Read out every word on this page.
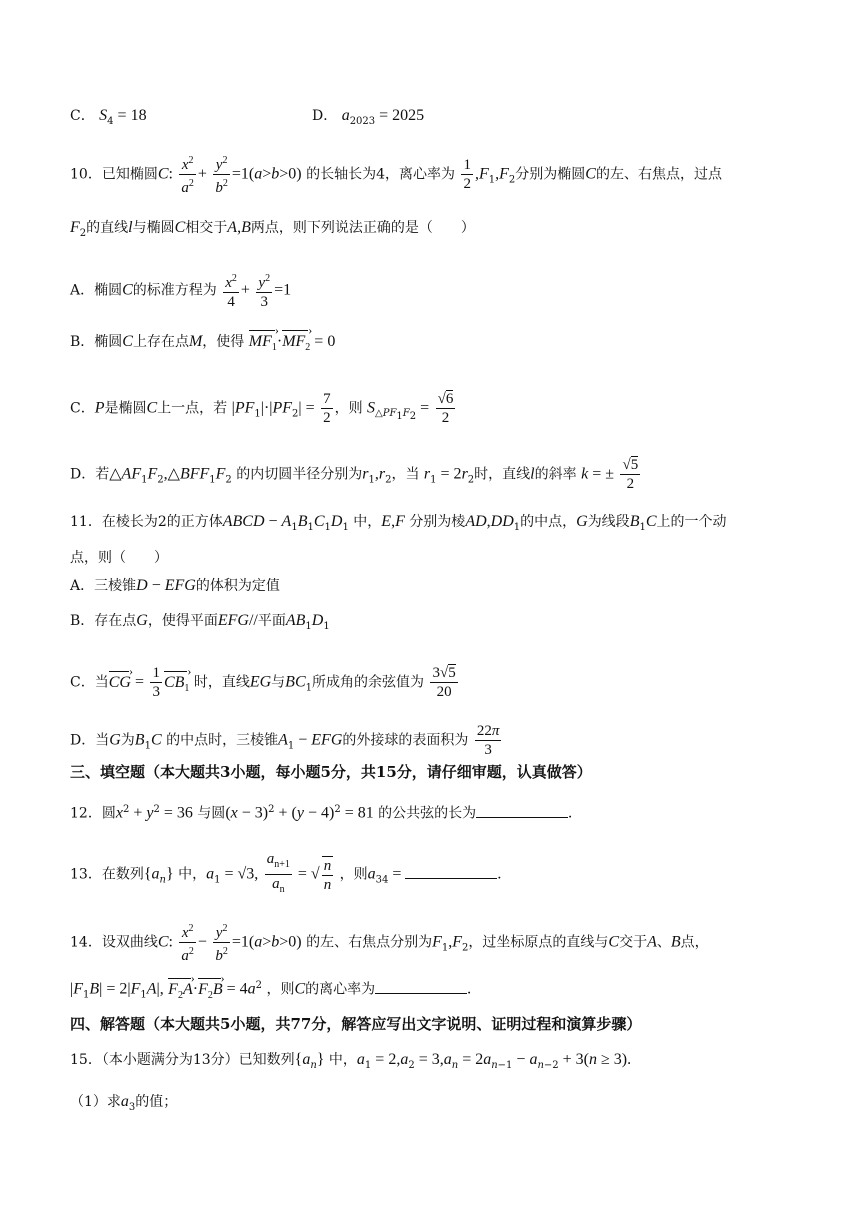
C． $S_4 = 18$	D． $a_{2023} = 2025$
10．已知椭圆C: $\frac{x^2}{a^2} + \frac{y^2}{b^2} =1(a>b>0)$ 的长轴长为4，离心率为 $\frac{1}{2} ,F_1,F_2$分别为椭圆C的左、右焦点，过点
$F_2$的直线l与椭圆C相交于A,B两点，则下列说法正确的是（　　）
A．椭圆C的标准方程为 $\frac{x^2}{4} + \frac{y^2}{3} =1$
B．椭圆C上存在点M，使得 $MF_1$ $›\cdot MF_2$ › = 0
C．P是椭圆C上一点，若 $|PF_1|\cdot|PF_2| = \frac{7}{2}$ ，则 $S_{\triangle PF_1F_2} = \frac{√6}{2}$
D．若$\triangle AF_1F_2,\triangle BFF_1F_2$ 的内切圆半径分别为$r_1,r_2$，当 $r_1 = 2r_2$时，直线l的斜率 k = ± $\frac{√5}{2}$
11．在棱长为2的正方体ABCD − $A_1B_1C_1D_1$ 中，E,F 分别为棱$AD,DD_1$的中点，G为线段$B_1C$上的一个动
点，则（　　）
A．三棱锥D − EFG的体积为定值
B．存在点G，使得平面EFG//平面$AB_1D_1$
C．当CG › = $\frac{1}{3} CB_1$ › 时，直线EG与$BC_1$所成角的余弦值为 $\frac{3√5}{20}$
D．当G为$B_1C$ 的中点时，三棱锥$A_1$ − EFG的外接球的表面积为 $\frac{22\pi}{3}$
三、填空题（本大题共3小题，每小题5分，共15分，请仔细审题，认真做答）
12．圆$x^2 + y^2 = 36$ 与圆$(x - 3)^2 + (y - 4)^2 = 81$ 的公共弦的长为	.
13．在数列$\{a_n\}$ 中，$a_1 = √3$, $\frac{a_{n+1}}{a_n}$ = √ $\frac{n}{n}$ ，则$a_{34}$ =	.
14．设双曲线C: $\frac{x^2}{a^2} - \frac{y^2}{b^2} =1(a>b>0)$ 的左、右焦点分别为$F_1,F_2$，过坐标原点的直线与C交于A、B点，
$|F_1B| = 2|F_1A|$, $F_2A$ $›\cdot F_2B$ › = $4a^2$ ，则C的离心率为	.
四、解答题（本大题共5小题，共77分，解答应写出文字说明、证明过程和演算步骤）
15．（本小题满分为13分）已知数列$\{a_n\}$ 中，$a_1 = 2,a_2 = 3,a_n = 2a_{n-1} - a_{n-2} + 3(n \ge 3)$.
（1）求$a_3$的值；
